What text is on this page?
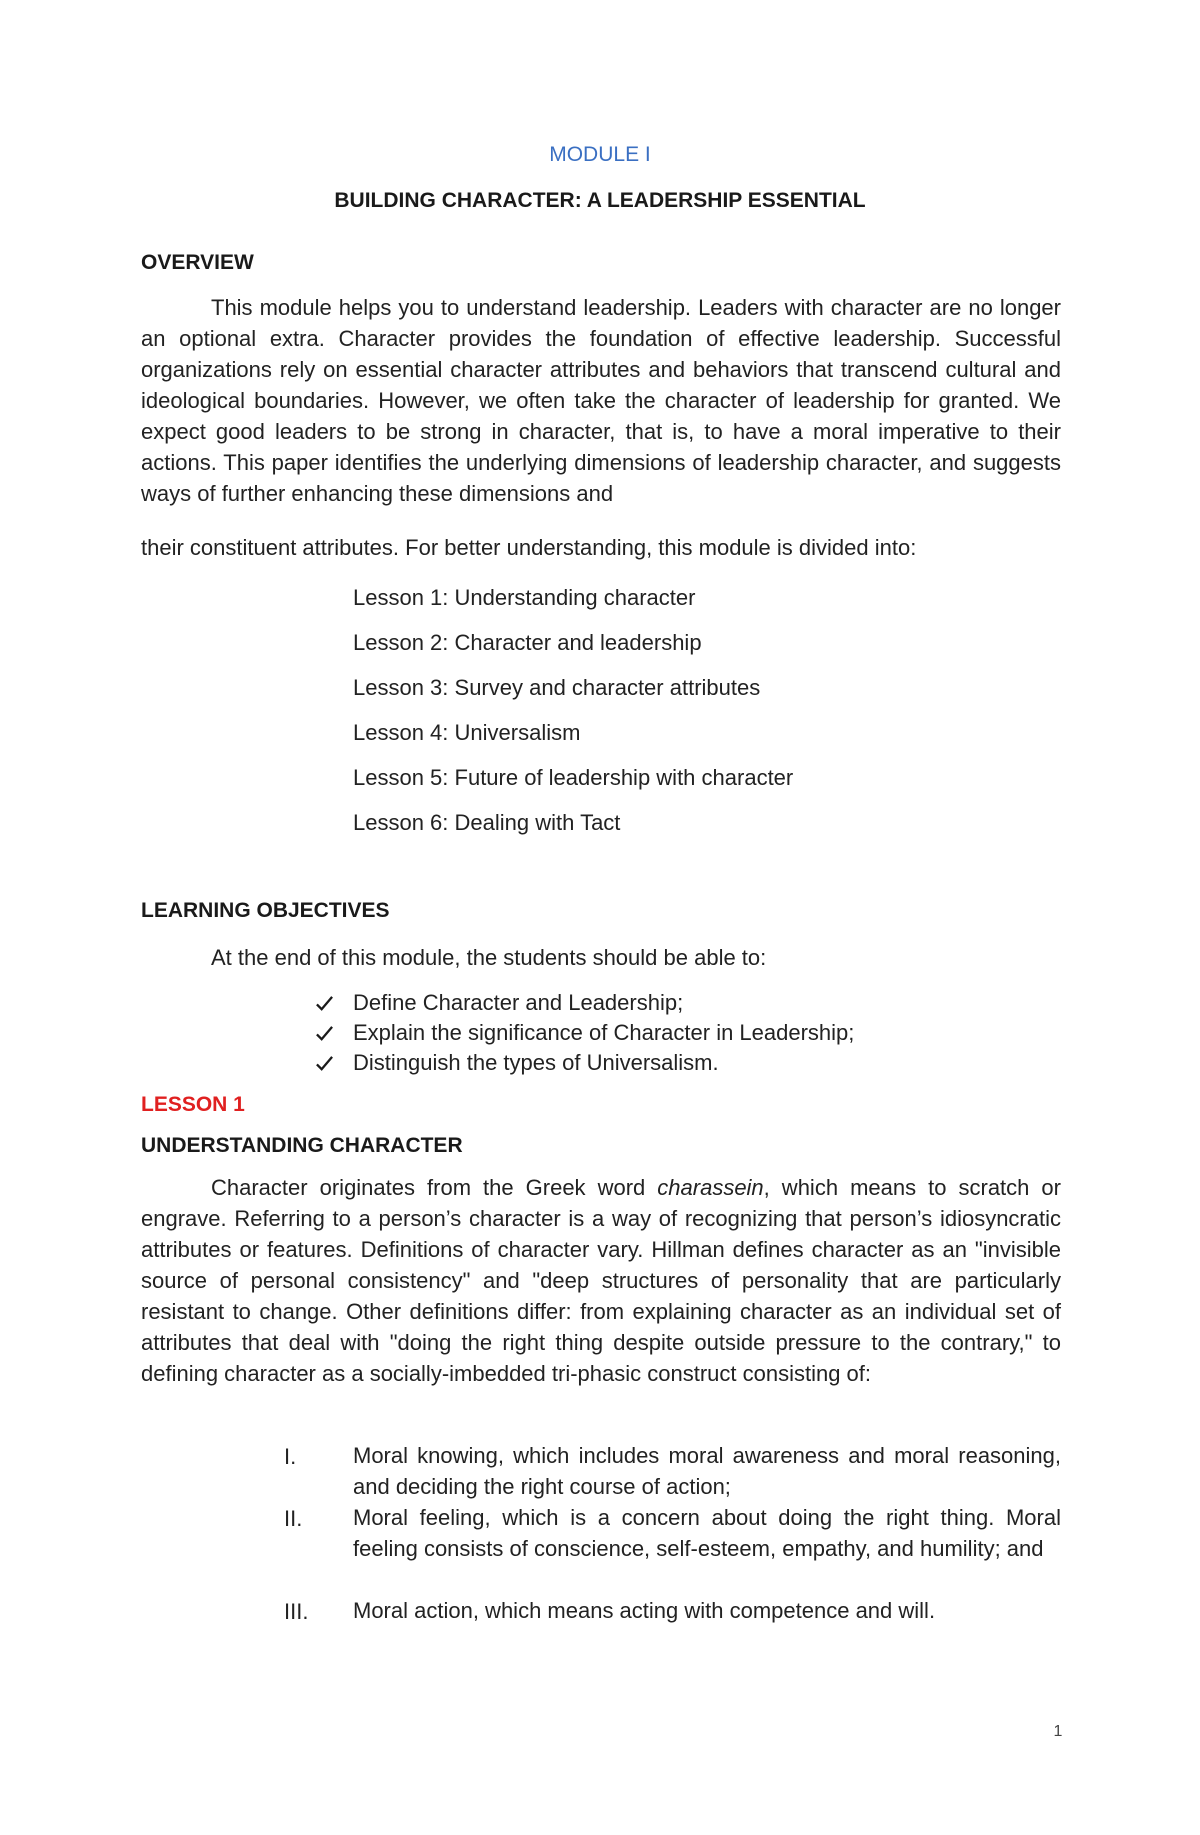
MODULE I
BUILDING CHARACTER: A LEADERSHIP ESSENTIAL
OVERVIEW
This module helps you to understand leadership. Leaders with character are no longer an optional extra. Character provides the foundation of effective leadership. Successful organizations rely on essential character attributes and behaviors that transcend cultural and ideological boundaries. However, we often take the character of leadership for granted. We expect good leaders to be strong in character, that is, to have a moral imperative to their actions. This paper identifies the underlying dimensions of leadership character, and suggests ways of further enhancing these dimensions and
their constituent attributes. For better understanding, this module is divided into:
Lesson 1: Understanding character
Lesson 2: Character and leadership
Lesson 3: Survey and character attributes
Lesson 4: Universalism
Lesson 5: Future of leadership with character
Lesson 6: Dealing with Tact
LEARNING OBJECTIVES
At the end of this module, the students should be able to:
Define Character and Leadership;
Explain the significance of Character in Leadership;
Distinguish the types of Universalism.
LESSON 1
UNDERSTANDING CHARACTER
Character originates from the Greek word charassein, which means to scratch or engrave. Referring to a person’s character is a way of recognizing that person’s idiosyncratic attributes or features. Definitions of character vary. Hillman defines character as an "invisible source of personal consistency" and "deep structures of personality that are particularly resistant to change. Other definitions differ: from explaining character as an individual set of attributes that deal with "doing the right thing despite outside pressure to the contrary," to defining character as a socially-imbedded tri-phasic construct consisting of:
I.	Moral knowing, which includes moral awareness and moral reasoning, and deciding the right course of action;
II. Moral feeling, which is a concern about doing the right thing. Moral feeling consists of conscience, self-esteem, empathy, and humility; and
III. Moral action, which means acting with competence and will.
1
